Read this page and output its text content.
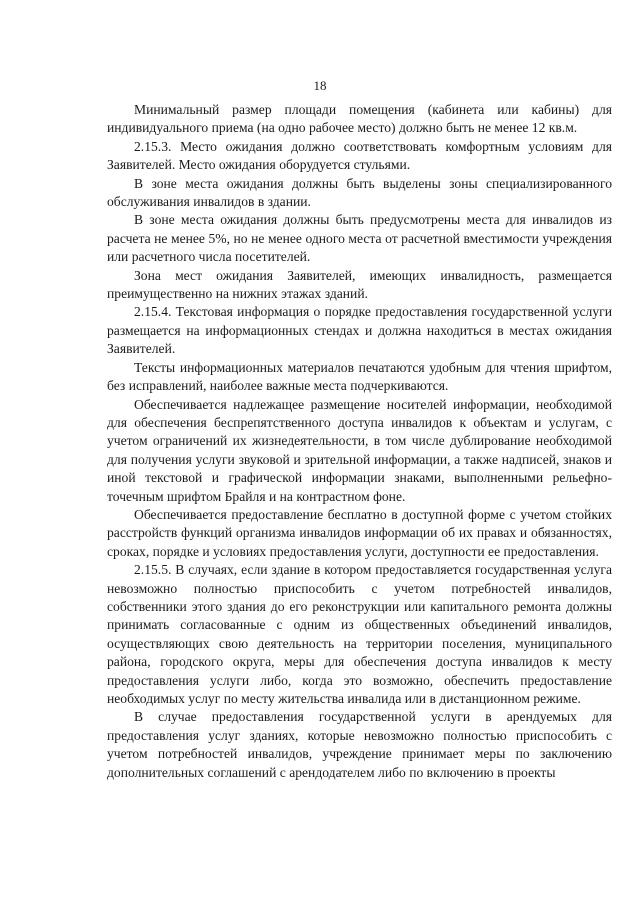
18

Минимальный размер площади помещения (кабинета или кабины) для индивидуального приема (на одно рабочее место) должно быть не менее 12 кв.м.

2.15.3. Место ожидания должно соответствовать комфортным условиям для Заявителей. Место ожидания оборудуется стульями.

В зоне места ожидания должны быть выделены зоны специализированного обслуживания инвалидов в здании.

В зоне места ожидания должны быть предусмотрены места для инвалидов из расчета не менее 5%, но не менее одного места от расчетной вместимости учреждения или расчетного числа посетителей.

Зона мест ожидания Заявителей, имеющих инвалидность, размещается преимущественно на нижних этажах зданий.

2.15.4. Текстовая информация о порядке предоставления государственной услуги размещается на информационных стендах и должна находиться в местах ожидания Заявителей.

Тексты информационных материалов печатаются удобным для чтения шрифтом, без исправлений, наиболее важные места подчеркиваются.

Обеспечивается надлежащее размещение носителей информации, необходимой для обеспечения беспрепятственного доступа инвалидов к объектам и услугам, с учетом ограничений их жизнедеятельности, в том числе дублирование необходимой для получения услуги звуковой и зрительной информации, а также надписей, знаков и иной текстовой и графической информации знаками, выполненными рельефно-точечным шрифтом Брайля и на контрастном фоне.

Обеспечивается предоставление бесплатно в доступной форме с учетом стойких расстройств функций организма инвалидов информации об их правах и обязанностях, сроках, порядке и условиях предоставления услуги, доступности ее предоставления.

2.15.5. В случаях, если здание в котором предоставляется государственная услуга невозможно полностью приспособить с учетом потребностей инвалидов, собственники этого здания до его реконструкции или капитального ремонта должны принимать согласованные с одним из общественных объединений инвалидов, осуществляющих свою деятельность на территории поселения, муниципального района, городского округа, меры для обеспечения доступа инвалидов к месту предоставления услуги либо, когда это возможно, обеспечить предоставление необходимых услуг по месту жительства инвалида или в дистанционном режиме.

В случае предоставления государственной услуги в арендуемых для предоставления услуг зданиях, которые невозможно полностью приспособить с учетом потребностей инвалидов, учреждение принимает меры по заключению дополнительных соглашений с арендодателем либо по включению в проекты
